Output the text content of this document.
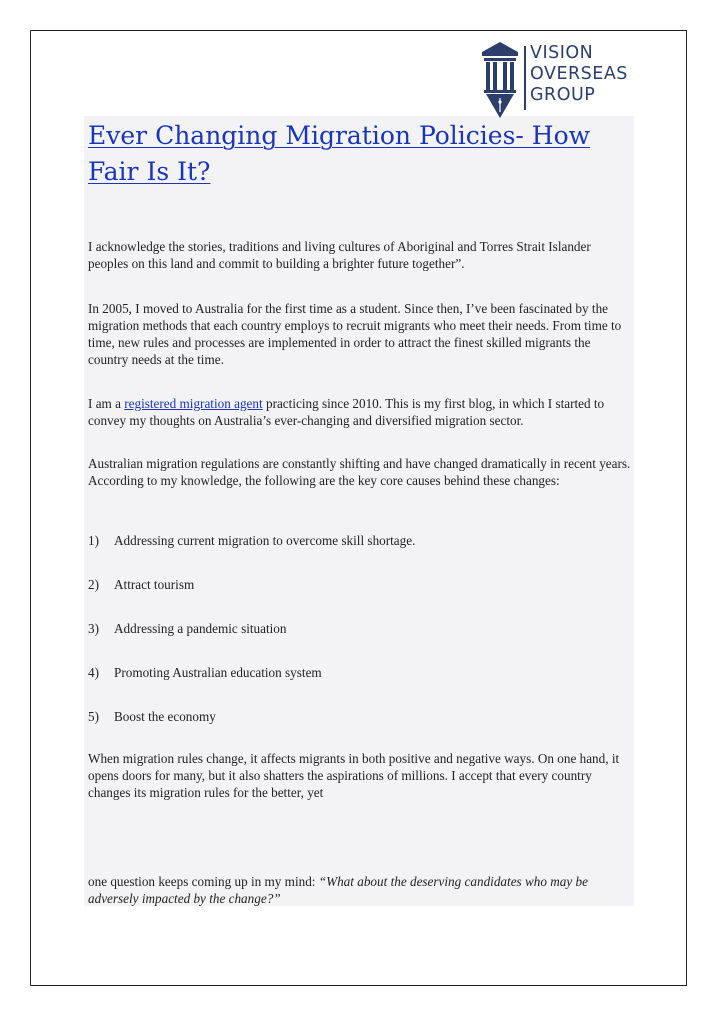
VISION
OVERSEAS
GROUP
Ever Changing Migration Policies- How Fair Is It?
I acknowledge the stories, traditions and living cultures of Aboriginal and Torres Strait Islander peoples on this land and commit to building a brighter future together”.
In 2005, I moved to Australia for the first time as a student. Since then, I’ve been fascinated by the migration methods that each country employs to recruit migrants who meet their needs. From time to time, new rules and processes are implemented in order to attract the finest skilled migrants the country needs at the time.
I am a registered migration agent practicing since 2010. This is my first blog, in which I started to convey my thoughts on Australia’s ever-changing and diversified migration sector.
Australian migration regulations are constantly shifting and have changed dramatically in recent years. According to my knowledge, the following are the key core causes behind these changes:
1) Addressing current migration to overcome skill shortage.
2) Attract tourism
3) Addressing a pandemic situation
4) Promoting Australian education system
5) Boost the economy
When migration rules change, it affects migrants in both positive and negative ways. On one hand, it opens doors for many, but it also shatters the aspirations of millions. I accept that every country changes its migration rules for the better, yet
one question keeps coming up in my mind: “What about the deserving candidates who may be adversely impacted by the change?”
